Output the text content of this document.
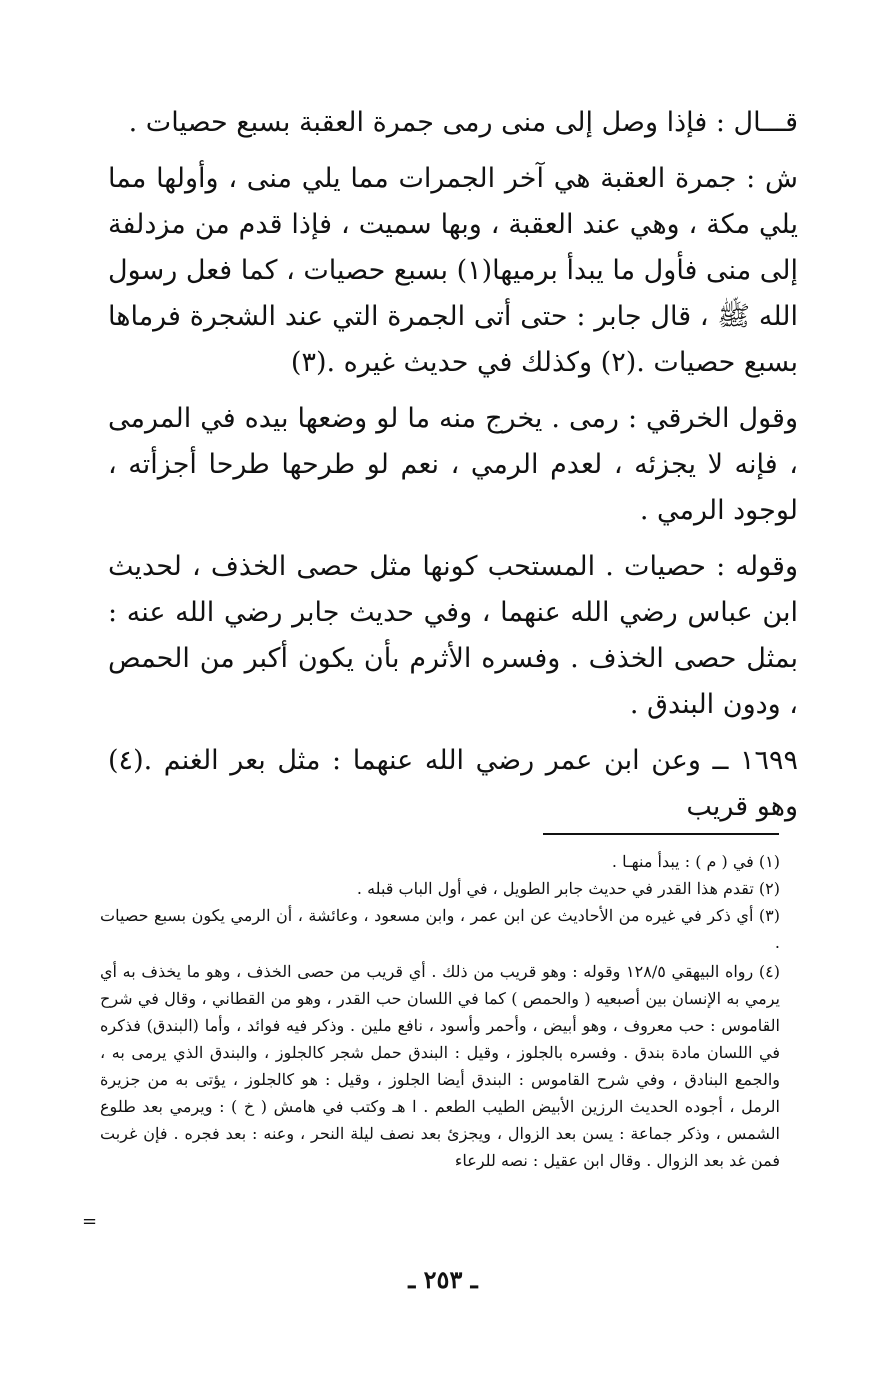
قـــال : فإذا وصل إلى منى رمى جمرة العقبة بسبع حصيات .

ش : جمرة العقبة هي آخر الجمرات مما يلي منى ، وأولها مما يلي مكة ، وهي عند العقبة ، وبها سميت ، فإذا قدم من مزدلفة إلى منى فأول ما يبدأ برميها(١) بسبع حصيات ، كما فعل رسول الله ﷺ ، قال جابر : حتى أتى الجمرة التي عند الشجرة فرماها بسبع حصيات .(٢) وكذلك في حديث غيره .(٣)

وقول الخرقي : رمى . يخرج منه ما لو وضعها بيده في المرمى ، فإنه لا يجزئه ، لعدم الرمي ، نعم لو طرحها طرحا أجزأته ، لوجود الرمي .

وقوله : حصيات . المستحب كونها مثل حصى الخذف ، لحديث ابن عباس رضي الله عنهما ، وفي حديث جابر رضي الله عنه : بمثل حصى الخذف . وفسره الأثرم بأن يكون أكبر من الحمص ، ودون البندق .

١٦٩٩ ــ وعن ابن عمر رضي الله عنهما : مثل بعر الغنم .(٤) وهو قريب

(١) في ( م ) : يبدأ منهـا .

(٢) تقدم هذا القدر في حديث جابر الطويل ، في أول الباب قبله .

(٣) أي ذكر في غيره من الأحاديث عن ابن عمر ، وابن مسعود ، وعائشة ، أن الرمي يكون بسبع حصيات .

(٤) رواه البيهقي ١٢٨/٥ وقوله : وهو قريب من ذلك . أي قريب من حصى الخذف ، وهو ما يخذف به أي يرمي به الإنسان بين أصبعيه ( والحمص ) كما في اللسان حب القدر ، وهو من القطاني ، وقال في شرح القاموس : حب معروف ، وهو أبيض ، وأحمر وأسود ، نافع ملين . وذكر فيه فوائد ، وأما (البندق) فذكره في اللسان مادة بندق . وفسره بالجلوز ، وقيل : البندق حمل شجر كالجلوز ، والبندق الذي يرمى به ، والجمع البنادق ، وفي شرح القاموس : البندق أيضا الجلوز ، وقيل : هو كالجلوز ، يؤتى به من جزيرة الرمل ، أجوده الحديث الرزين الأبيض الطيب الطعم . ا هـ وكتب في هامش ( خ ) : ويرمي بعد طلوع الشمس ، وذكر جماعة : يسن بعد الزوال ، ويجزئ بعد نصف ليلة النحر ، وعنه : بعد فجره . فإن غربت فمن غد بعد الزوال . وقال ابن عقيل : نصه للرعاء

=
ـ ٢٥٣ ـ
